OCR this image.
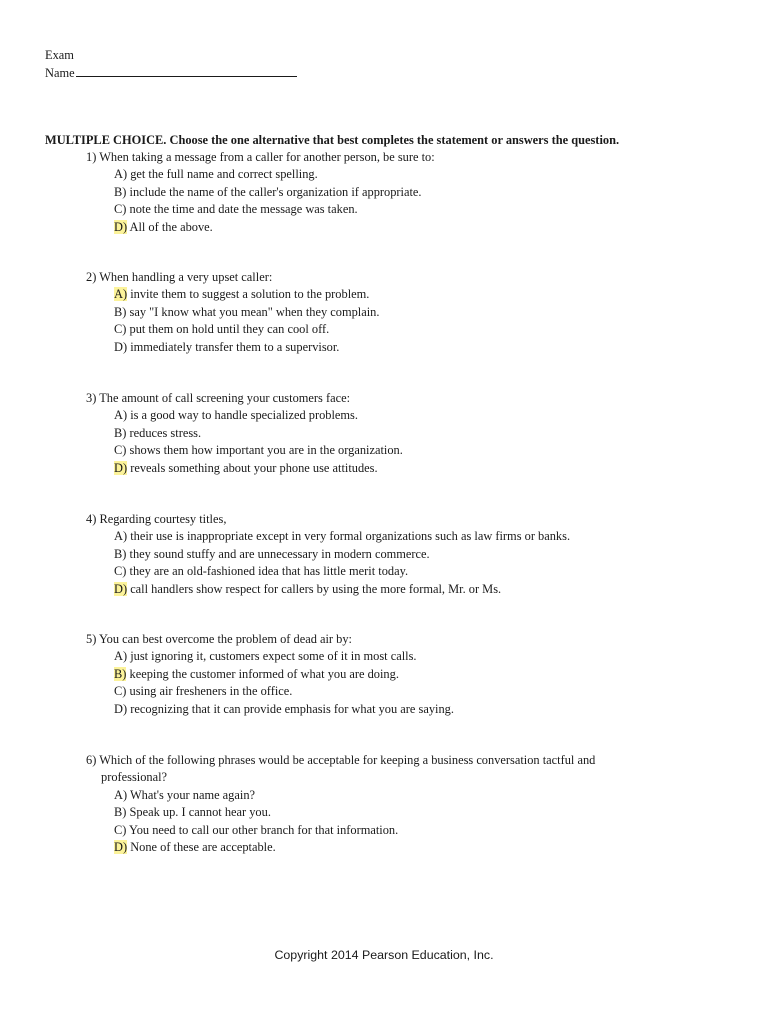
Exam
Name
MULTIPLE CHOICE. Choose the one alternative that best completes the statement or answers the question.
1) When taking a message from a caller for another person, be sure to:
A) get the full name and correct spelling.
B) include the name of the caller's organization if appropriate.
C) note the time and date the message was taken.
D) All of the above.
2) When handling a very upset caller:
A) invite them to suggest a solution to the problem.
B) say "I know what you mean" when they complain.
C) put them on hold until they can cool off.
D) immediately transfer them to a supervisor.
3) The amount of call screening your customers face:
A) is a good way to handle specialized problems.
B) reduces stress.
C) shows them how important you are in the organization.
D) reveals something about your phone use attitudes.
4) Regarding courtesy titles,
A) their use is inappropriate except in very formal organizations such as law firms or banks.
B) they sound stuffy and are unnecessary in modern commerce.
C) they are an old-fashioned idea that has little merit today.
D) call handlers show respect for callers by using the more formal, Mr. or Ms.
5) You can best overcome the problem of dead air by:
A) just ignoring it, customers expect some of it in most calls.
B) keeping the customer informed of what you are doing.
C) using air fresheners in the office.
D) recognizing that it can provide emphasis for what you are saying.
6) Which of the following phrases would be acceptable for keeping a business conversation tactful and
professional?
A) What's your name again?
B) Speak up. I cannot hear you.
C) You need to call our other branch for that information.
D) None of these are acceptable.
Copyright 2014 Pearson Education, Inc.
